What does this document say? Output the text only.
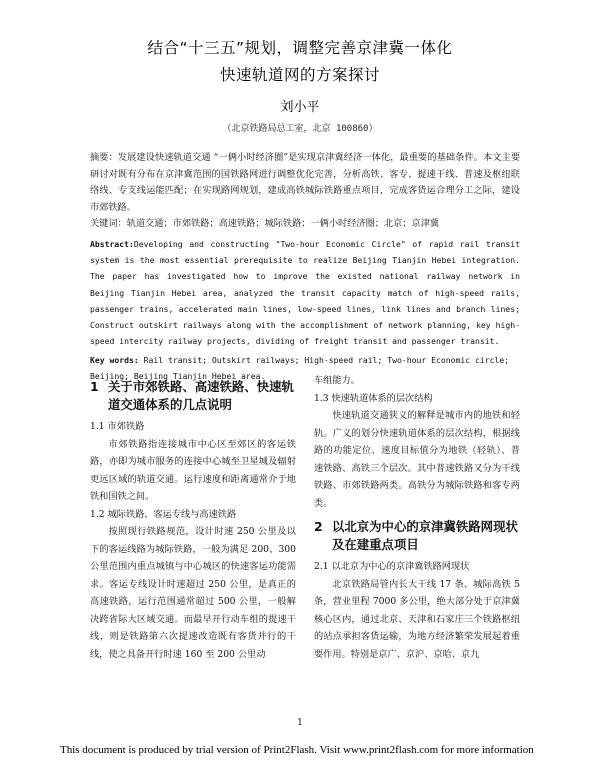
结合“十三五”规划，调整完善京津冀一体化
快速轨道网的方案探讨
刘小平
（北京铁路局总工室，北京 100860）
摘要：发展建设快速轨道交通 “一俩小时经济圈”是实现京津冀经济一体化，最重要的基础条件。本文主要研讨对既有分布在京津冀范围的国铁路网进行调整优化完善，分析高铁、客专、提速干线、普速及枢纽联络线、专支线运能匹配；在实现路网规划，建成高铁城际铁路重点项目，完成客货运合理分工之际，建设市郊铁路。
关键词：轨道交通；市郊铁路；高速铁路；城际铁路；一俩小时经济圈；北京；京津冀
Abstract:Developing and constructing "Two-hour Economic Circle" of rapid rail transit system is the most essential prerequisite to realize Beijing Tianjin Hebei integration. The paper has investigated how to improve the existed national railway network in Beijing Tianjin Hebei area, analyzed the transit capacity match of high-speed rails, passenger trains, accelerated main lines, low-speed lines, link lines and branch lines; Construct outskirt railways along with the accomplishment of network planning, key high-speed intercity railway projects, dividing of freight transit and passenger transit.
Key words: Rail transit; Outskirt railways; High-speed rail; Two-hour Economic circle; Beijing; Beijing Tianjin Hebei area.
1 关于市郊铁路、高速铁路、快速轨道交通体系的几点说明
1.1 市郊铁路
市郊铁路指连接城市中心区至郊区的客运铁路，亦即为城市服务的连接中心城至卫星城及辐射更远区域的轨道交通。运行速度和距离通常介于地铁和国铁之间。
1.2 城际铁路、客运专线与高速铁路
按照现行铁路规范，设计时速 250 公里及以下的客运线路为城际铁路，一般为满足 200、300 公里范围内重点城镇与中心城区的快速客运功能需求。客运专线设计时速超过 250 公里，是真正的高速铁路，运行范围通常超过 500 公里，一般解决跨省际大区域交通。而最早开行动车组的提速干线，则是铁路第六次提速改造既有客货并行的干线，使之具备开行时速 160 至 200 公里动
车组能力。
1.3 快速轨道体系的层次结构
快速轨道交通狭义的解释是城市内的地铁和轻轨。广义的划分快速轨道体系的层次结构，根据线路的功能定位、速度目标值分为地铁（轻轨）、普速铁路、高铁三个层次。其中普速铁路又分为干线铁路、市郊铁路两类。高铁分为城际铁路和客专两类。
2 以北京为中心的京津冀铁路网现状及在建重点项目
2.1 以北京为中心的京津冀铁路网现状
北京铁路局管内长大干线 17 条、城际高铁 5 条，营业里程 7000 多公里，绝大部分处于京津冀核心区内，通过北京、天津和石家庄三个铁路枢纽的站点承担客货运输，为地方经济繁荣发展起着重要作用。特别是京广、京沪、京哈、京九
1
This document is produced by trial version of Print2Flash. Visit www.print2flash.com for more information
